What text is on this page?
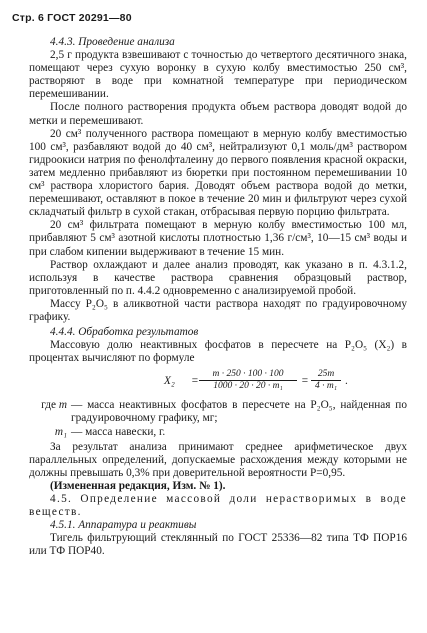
Стр. 6 ГОСТ 20291—80

4.4.3. Проведение анализа

2,5 г продукта взвешивают с точностью до четвертого десятичного знака, помещают через сухую воронку в сухую колбу вместимостью 250 см³, растворяют в воде при комнатной температуре при периодическом перемешивании.

После полного растворения продукта объем раствора доводят водой до метки и перемешивают.

20 см³ полученного раствора помещают в мерную колбу вместимостью 100 см³, разбавляют водой до 40 см³, нейтрализуют 0,1 моль/дм³ раствором гидроокиси натрия по фенолфталеину до первого появления красной окраски, затем медленно прибавляют из бюретки при постоянном перемешивании 10 см³ раствора хлористого бария. Доводят объем раствора водой до метки, перемешивают, оставляют в покое в течение 20 мин и фильтруют через сухой складчатый фильтр в сухой стакан, отбрасывая первую порцию фильтрата.

20 см³ фильтрата помещают в мерную колбу вместимостью 100 мл, прибавляют 5 см³ азотной кислоты плотностью 1,36 г/см³, 10—15 см³ воды и при слабом кипении выдерживают в течение 15 мин.

Раствор охлаждают и далее анализ проводят, как указано в п. 4.3.1.2, используя в качестве раствора сравнения образцовый раствор, приготовленный по п. 4.4.2 одновременно с анализируемой пробой.

Массу P₂O₅ в аликвотной части раствора находят по градуировочному графику.

4.4.4. Обработка результатов

Массовую долю неактивных фосфатов в пересчете на P₂O₅ (X₂) в процентах вычисляют по формуле

$X_2 = \frac{m \cdot 250 \cdot 100 \cdot 100}{\text{1000 · 20 · 20 · m₁}} = \frac{25m}{\text{4 · m₁}}$ .
где m — масса неактивных фосфатов в пересчете на P₂O₅, найденная по градуировочному графику, мг;
m₁ — масса навески, г.

За результат анализа принимают среднее арифметическое двух параллельных определений, допускаемые расхождения между которыми не должны превышать 0,3% при доверительной вероятности P=0,95.

(Измененная редакция, Изм. № 1).

4.5. Определение массовой доли нерастворимых в воде веществ.

4.5.1. Аппаратура и реактивы

Тигель фильтрующий стеклянный по ГОСТ 25336—82 типа ТФ ПОР16 или ТФ ПОР40.
